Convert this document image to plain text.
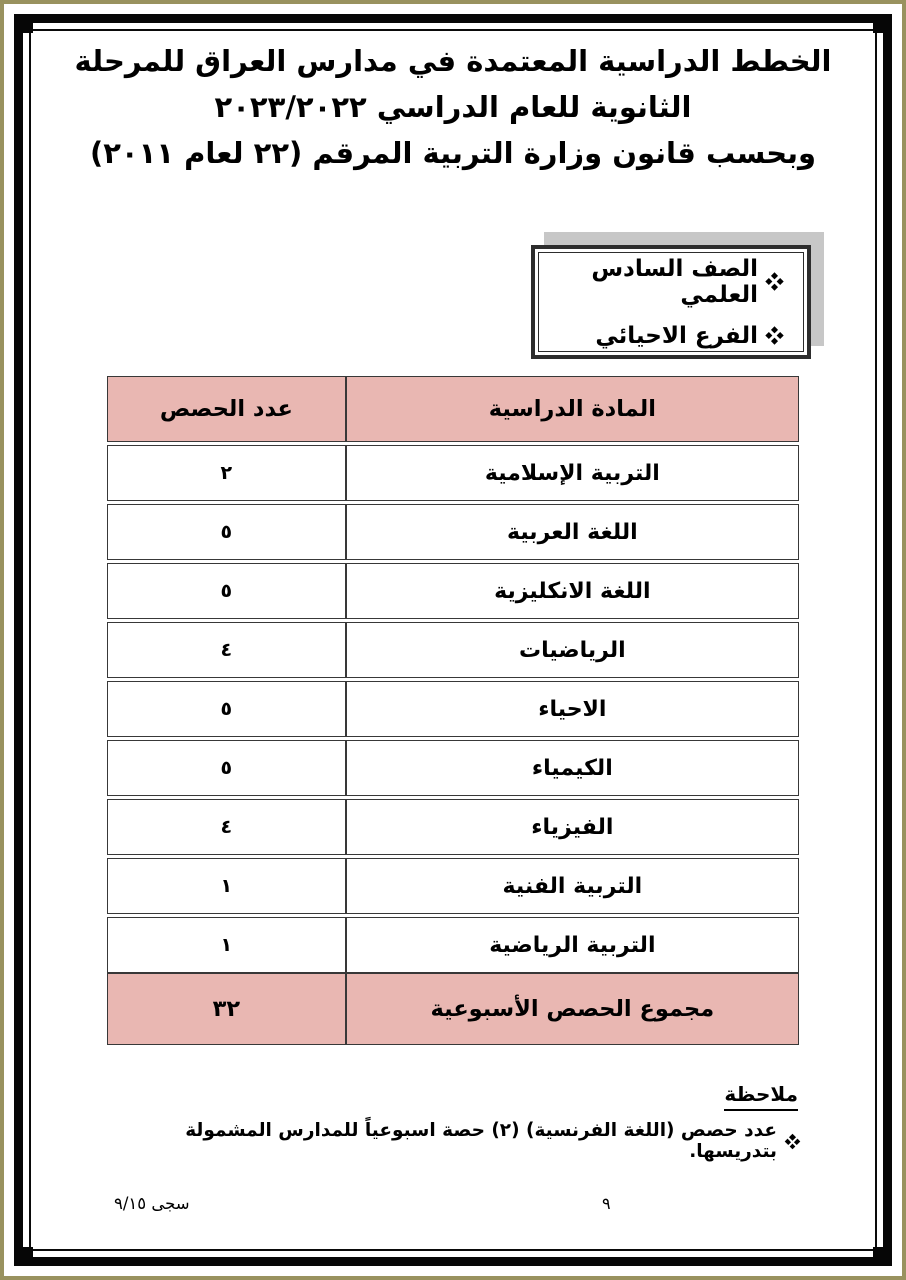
الخطط الدراسية المعتمدة في مدارس العراق للمرحلة
الثانوية للعام الدراسي ٢٠٢٣/٢٠٢٢
وبحسب قانون وزارة التربية المرقم (٢٢ لعام ٢٠١١)
الصف السادس العلمي
الفرع الاحيائي
المادة الدراسية
عدد الحصص
التربية الإسلامية
٢
اللغة العربية
٥
اللغة الانكليزية
٥
الرياضيات
٤
الاحياء
٥
الكيمياء
٥
الفيزياء
٤
التربية الفنية
١
التربية الرياضية
١
مجموع الحصص الأسبوعية
٣٢
ملاحظة
عدد حصص (اللغة الفرنسية) (٢) حصة اسبوعياً للمدارس المشمولة بتدريسها.
٩
سجى ٩/١٥
